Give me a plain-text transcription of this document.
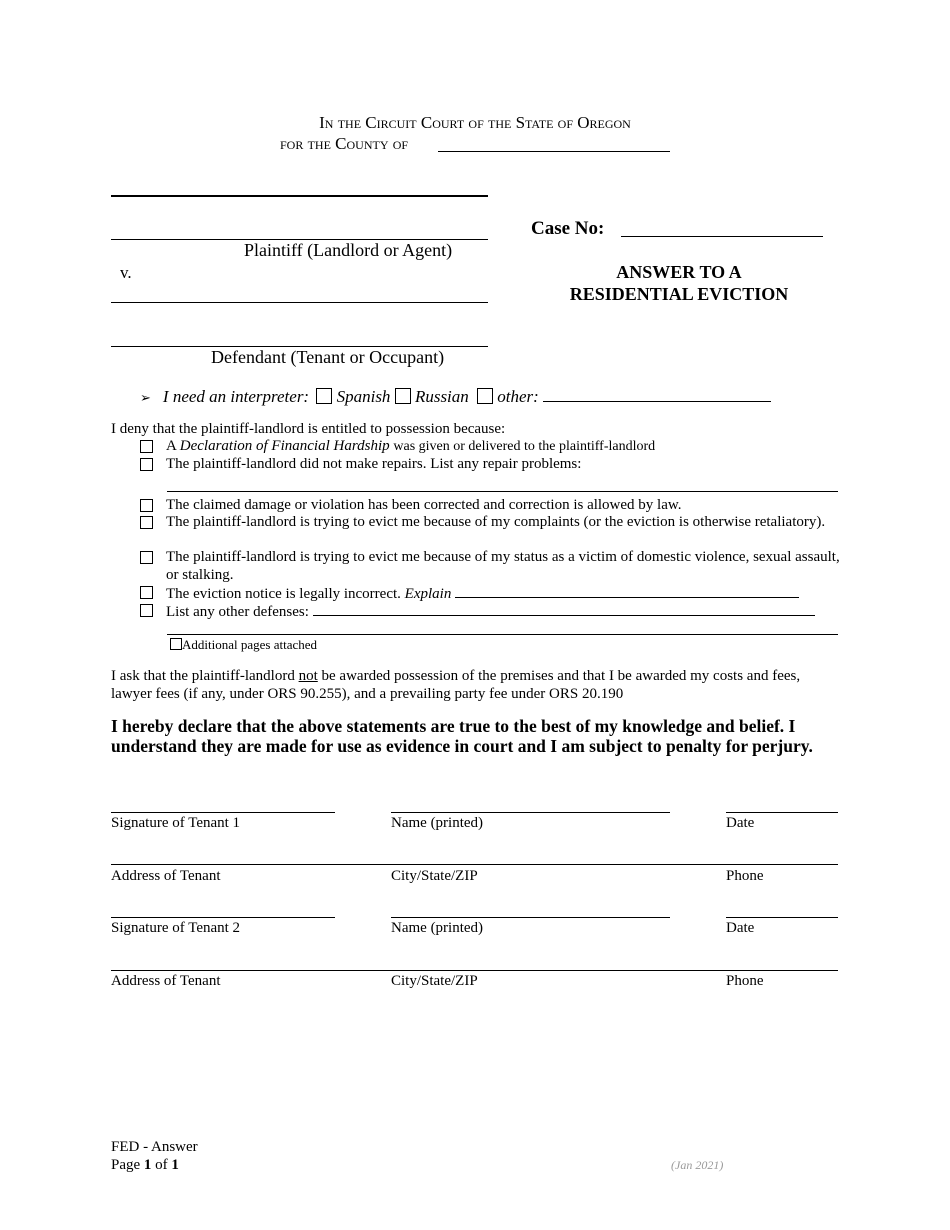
In the Circuit Court of the State of Oregon
for the County of
Plaintiff (Landlord or Agent)
v.
Defendant (Tenant or Occupant)
Case No:
ANSWER TO A
RESIDENTIAL EVICTION
➢ I need an interpreter: Spanish Russian other:
I deny that the plaintiff-landlord is entitled to possession because:
A Declaration of Financial Hardship was given or delivered to the plaintiff-landlord
The plaintiff-landlord did not make repairs. List any repair problems:
The claimed damage or violation has been corrected and correction is allowed by law.
The plaintiff-landlord is trying to evict me because of my complaints (or the eviction is otherwise retaliatory).
The plaintiff-landlord is trying to evict me because of my status as a victim of domestic violence, sexual assault, or stalking.
The eviction notice is legally incorrect. Explain
List any other defenses:
Additional pages attached
I ask that the plaintiff-landlord not be awarded possession of the premises and that I be awarded my costs and fees, lawyer fees (if any, under ORS 90.255), and a prevailing party fee under ORS 20.190
I hereby declare that the above statements are true to the best of my knowledge and belief. I understand they are made for use as evidence in court and I am subject to penalty for perjury.
Signature of Tenant 1	Name (printed)	Date
Address of Tenant	City/State/ZIP	Phone
Signature of Tenant 2	Name (printed)	Date
Address of Tenant	City/State/ZIP	Phone
FED - Answer
Page 1 of 1	(Jan 2021)
